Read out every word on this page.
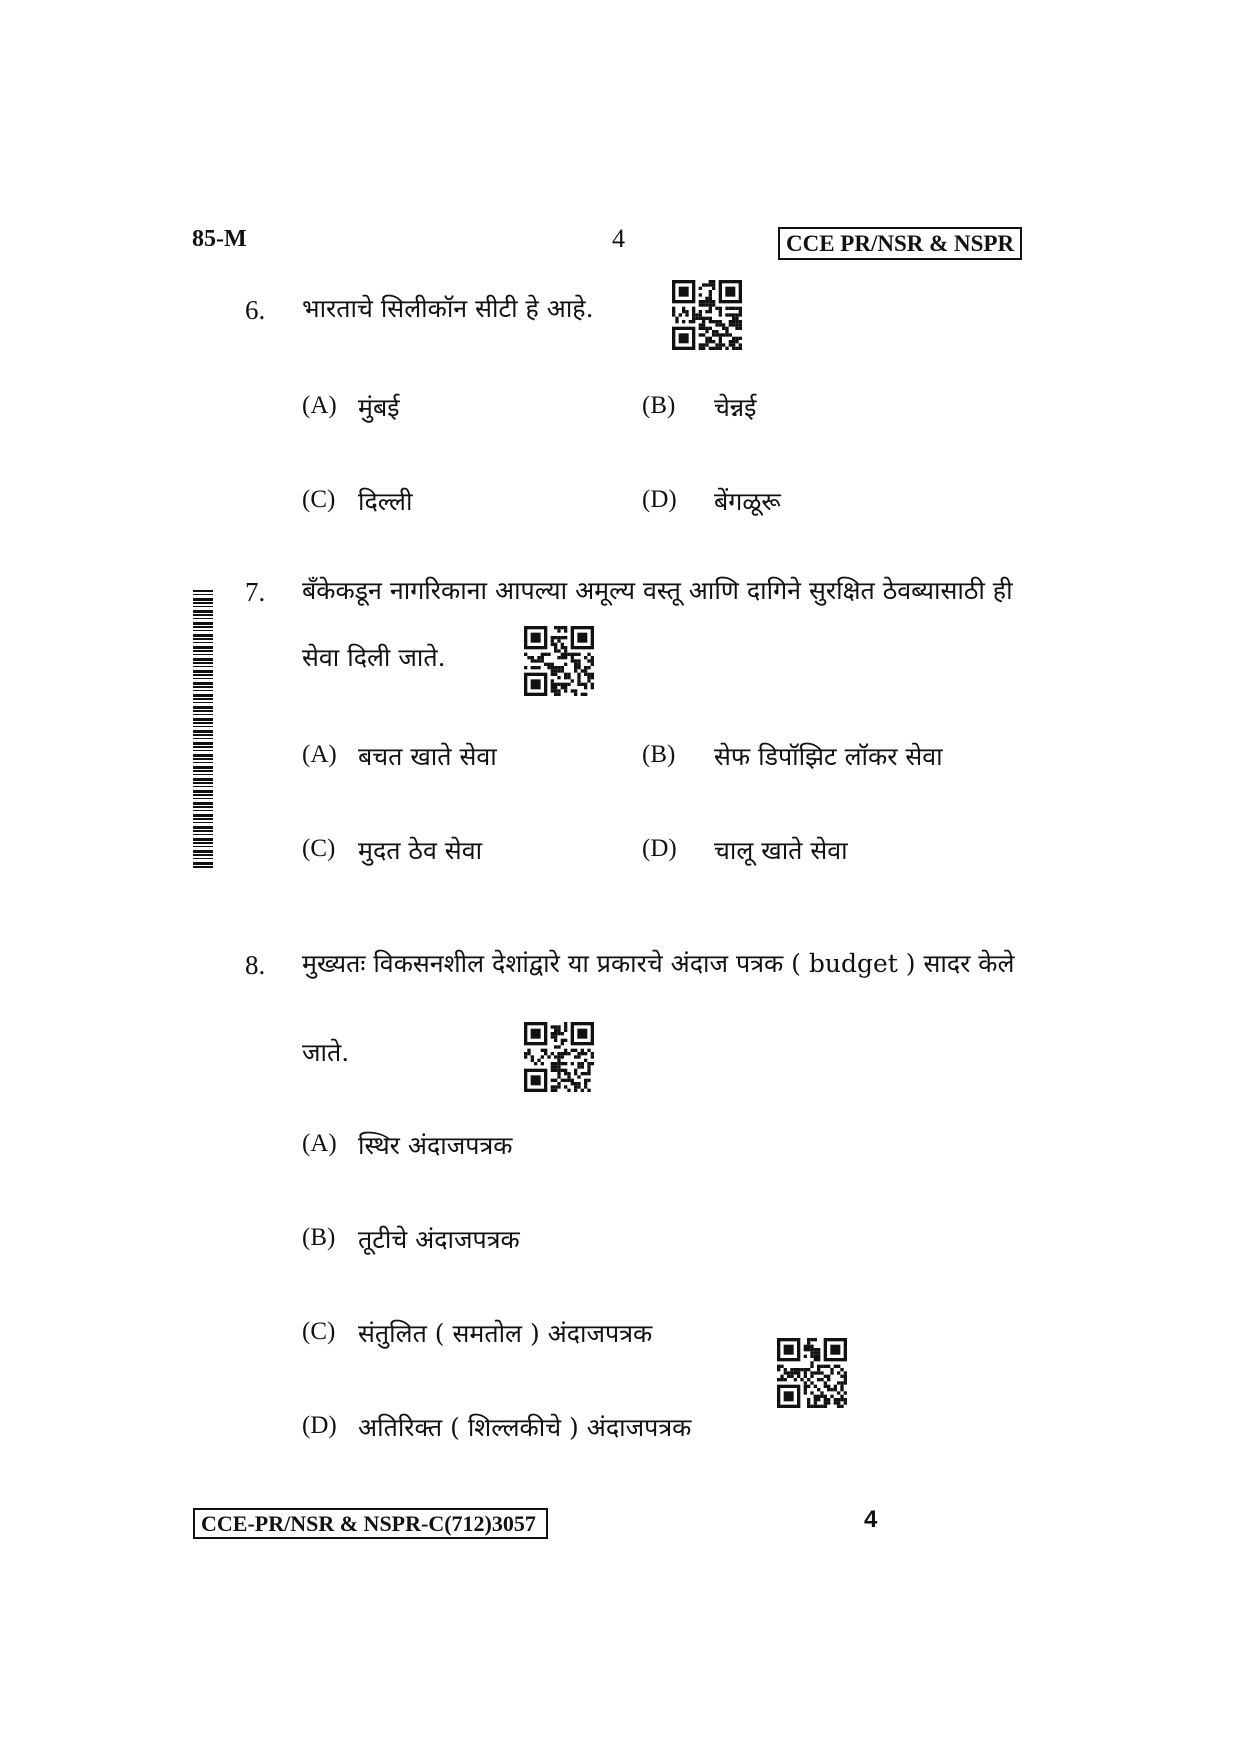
85-M	4	CCE PR/NSR & NSPR
6. भारताचे सिलीकॉन सीटी हे आहे.
(A) मुंबई	(B) चेन्नई
(C) दिल्ली	(D) बेंगळूरू
7. बँकेकडून नागरिकाना आपल्या अमूल्य वस्तू आणि दागिने सुरक्षित ठेवब्यासाठी ही
सेवा दिली जाते.
(A) बचत खाते सेवा	(B) सेफ डिपॉझिट लॉकर सेवा
(C) मुदत ठेव सेवा	(D) चालू खाते सेवा
8. मुख्यतः विकसनशील देशांद्वारे या प्रकारचे अंदाज पत्रक ( budget ) सादर केले
जाते.
(A) स्थिर अंदाजपत्रक
(B) तूटीचे अंदाजपत्रक
(C) संतुलित ( समतोल ) अंदाजपत्रक
(D) अतिरिक्त ( शिल्लकीचे ) अंदाजपत्रक
CCE-PR/NSR & NSPR-C(712)3057	4
